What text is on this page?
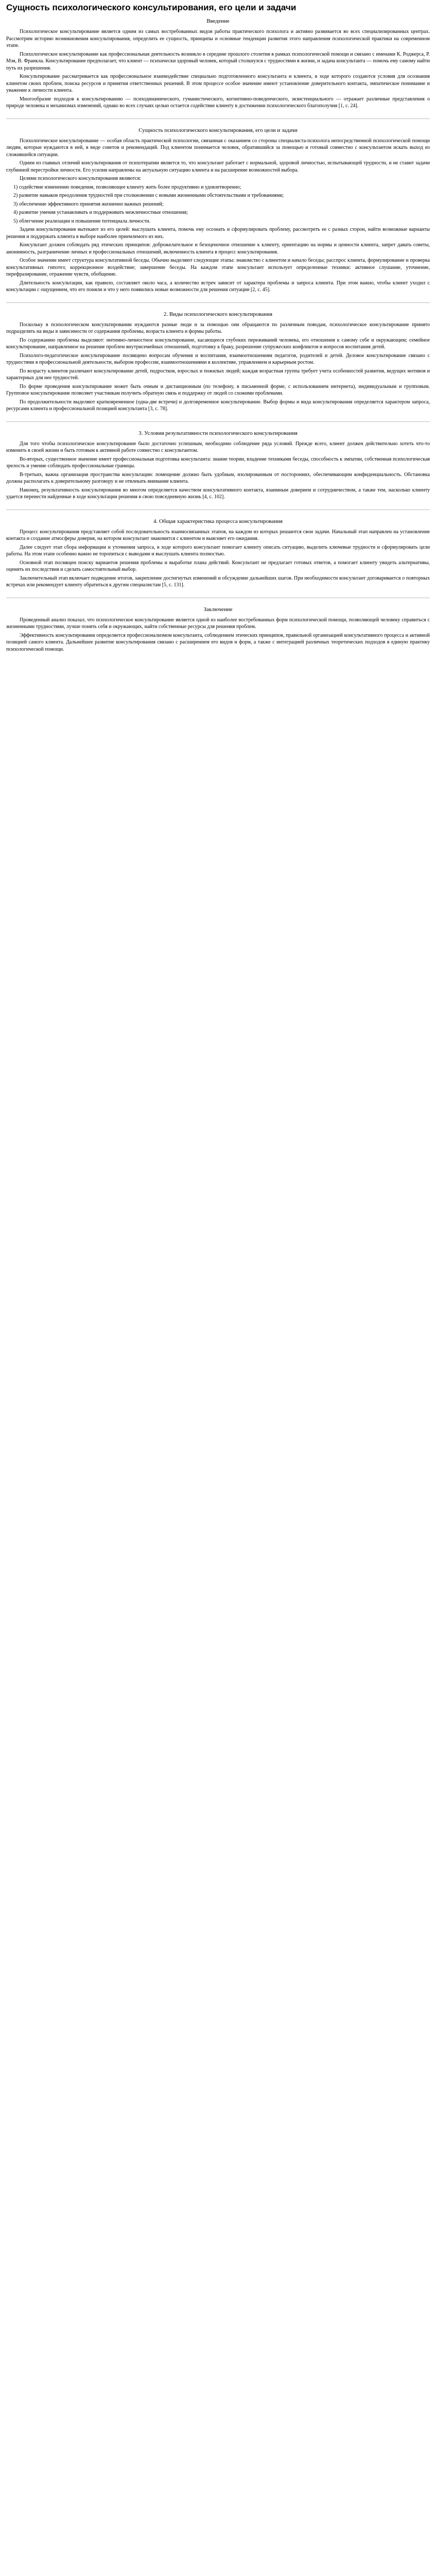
Сущность психологического консультирования, его цели и задачи
Введение

Психологическое консультирование является одним из самых востребованных видов работы практического психолога и активно развивается во всех специализированных центрах. Рассмотрим историю возникновения консультирования, определить ее сущность, принципы и основные тенденции развития этого направления психологической практики на современном этапе.

Психологическое консультирование как профессиональная деятельность возникло в середине прошлого столетия в рамках психологической помощи и связано с именами К. Роджерса, Р. Мэя, В. Франкла. Консультирование предполагает, что клиент — психически здоровый человек, который столкнулся с трудностями в жизни, и задача консультанта — помочь ему самому найти путь их разрешения.

Консультирование рассматривается как профессиональное взаимодействие специально подготовленного консультанта и клиента, в ходе которого создаются условия для осознания клиентом своих проблем, поиска ресурсов и принятия ответственных решений. В этом процессе особое значение имеют установление доверительного контакта, эмпатическое понимание и уважение к личности клиента.

Многообразие подходов к консультированию — психодинамического, гуманистического, когнитивно-поведенческого, экзистенциального — отражает различные представления о природе человека и механизмах изменений, однако во всех случаях целью остается содействие клиенту в достижении психологического благополучия [1, с. 24].

Сущность психологического консультирования, его цели и задачи

Психологическое консультирование — особая область практической психологии, связанная с оказанием со стороны специалиста-психолога непосредственной психологической помощи людям, которые нуждаются в ней, в виде советов и рекомендаций. Под клиентом понимается человек, обратившийся за помощью и готовый совместно с консультантом искать выход из сложившейся ситуации.

Одним из главных отличий консультирования от психотерапии является то, что консультант работает с нормальной, здоровой личностью, испытывающей трудности, и не ставит задачи глубинной перестройки личности. Его усилия направлены на актуальную ситуацию клиента и на расширение возможностей выбора.

Целями психологического консультирования являются:

1) содействие изменению поведения, позволяющее клиенту жить более продуктивно и удовлетворенно;

2) развитие навыков преодоления трудностей при столкновении с новыми жизненными обстоятельствами и требованиями;

3) обеспечение эффективного принятия жизненно важных решений;

4) развитие умения устанавливать и поддерживать межличностные отношения;

5) облегчение реализации и повышение потенциала личности.

Задачи консультирования вытекают из его целей: выслушать клиента, помочь ему осознать и сформулировать проблему, рассмотреть ее с разных сторон, найти возможные варианты решения и поддержать клиента в выборе наиболее приемлемого из них.

Консультант должен соблюдать ряд этических принципов: доброжелательное и безоценочное отношение к клиенту, ориентацию на нормы и ценности клиента, запрет давать советы, анонимность, разграничение личных и профессиональных отношений, включенность клиента в процесс консультирования.

Особое значение имеет структура консультативной беседы. Обычно выделяют следующие этапы: знакомство с клиентом и начало беседы; расспрос клиента, формулирование и проверка консультативных гипотез; коррекционное воздействие; завершение беседы. На каждом этапе консультант использует определенные техники: активное слушание, уточнение, перефразирование, отражение чувств, обобщение.

Длительность консультации, как правило, составляет около часа, а количество встреч зависит от характера проблемы и запроса клиента. При этом важно, чтобы клиент уходил с консультации с ощущением, что его поняли и что у него появились новые возможности для решения ситуации [2, с. 45].

2. Виды психологического консультирования

Поскольку в психологическом консультировании нуждаются разные люди и за помощью они обращаются по различным поводам, психологическое консультирование принято подразделять на виды в зависимости от содержания проблемы, возраста клиента и формы работы.

По содержанию проблемы выделяют: интимно-личностное консультирование, касающееся глубоких переживаний человека, его отношения к самому себе и окружающим; семейное консультирование, направленное на решение проблем внутрисемейных отношений, подготовку к браку, разрешение супружеских конфликтов и вопросов воспитания детей.

Психолого-педагогическое консультирование посвящено вопросам обучения и воспитания, взаимоотношениям педагогов, родителей и детей. Деловое консультирование связано с трудностями в профессиональной деятельности, выбором профессии, взаимоотношениями в коллективе, управлением и карьерным ростом.

По возрасту клиентов различают консультирование детей, подростков, взрослых и пожилых людей; каждая возрастная группа требует учета особенностей развития, ведущих мотивов и характерных для нее трудностей.

По форме проведения консультирование может быть очным и дистанционным (по телефону, в письменной форме, с использованием интернета), индивидуальным и групповым. Групповое консультирование позволяет участникам получить обратную связь и поддержку от людей со схожими проблемами.

По продолжительности выделяют кратковременное (одна-две встречи) и долговременное консультирование. Выбор формы и вида консультирования определяется характером запроса, ресурсами клиента и профессиональной позицией консультанта [3, с. 78].

3. Условия результативности психологического консультирования

Для того чтобы психологическое консультирование было достаточно успешным, необходимо соблюдение ряда условий. Прежде всего, клиент должен действительно хотеть что-то изменить в своей жизни и быть готовым к активной работе совместно с консультантом.

Во-вторых, существенное значение имеет профессиональная подготовка консультанта: знание теории, владение техниками беседы, способность к эмпатии, собственная психологическая зрелость и умение соблюдать профессиональные границы.

В-третьих, важна организация пространства консультации: помещение должно быть удобным, изолированным от посторонних, обеспечивающим конфиденциальность. Обстановка должна располагать к доверительному разговору и не отвлекать внимание клиента.

Наконец, результативность консультирования во многом определяется качеством консультативного контакта, взаимным доверием и сотрудничеством, а также тем, насколько клиенту удается перенести найденные в ходе консультации решения в свою повседневную жизнь [4, с. 102].

4. Общая характеристика процесса консультирования

Процесс консультирования представляет собой последовательность взаимосвязанных этапов, на каждом из которых решаются свои задачи. Начальный этап направлен на установление контакта и создание атмосферы доверия, на котором консультант знакомится с клиентом и выясняет его ожидания.

Далее следует этап сбора информации и уточнения запроса, в ходе которого консультант помогает клиенту описать ситуацию, выделить ключевые трудности и сформулировать цели работы. На этом этапе особенно важно не торопиться с выводами и выслушать клиента полностью.

Основной этап посвящен поиску вариантов решения проблемы и выработке плана действий. Консультант не предлагает готовых ответов, а помогает клиенту увидеть альтернативы, оценить их последствия и сделать самостоятельный выбор.

Заключительный этап включает подведение итогов, закрепление достигнутых изменений и обсуждение дальнейших шагов. При необходимости консультант договаривается о повторных встречах или рекомендует клиенту обратиться к другим специалистам [5, с. 131].

Заключение

Проведенный анализ показал, что психологическое консультирование является одной из наиболее востребованных форм психологической помощи, позволяющей человеку справиться с жизненными трудностями, лучше понять себя и окружающих, найти собственные ресурсы для решения проблем.

Эффективность консультирования определяется профессионализмом консультанта, соблюдением этических принципов, правильной организацией консультативного процесса и активной позицией самого клиента. Дальнейшее развитие консультирования связано с расширением его видов и форм, а также с интеграцией различных теоретических подходов в единую практику психологической помощи.
